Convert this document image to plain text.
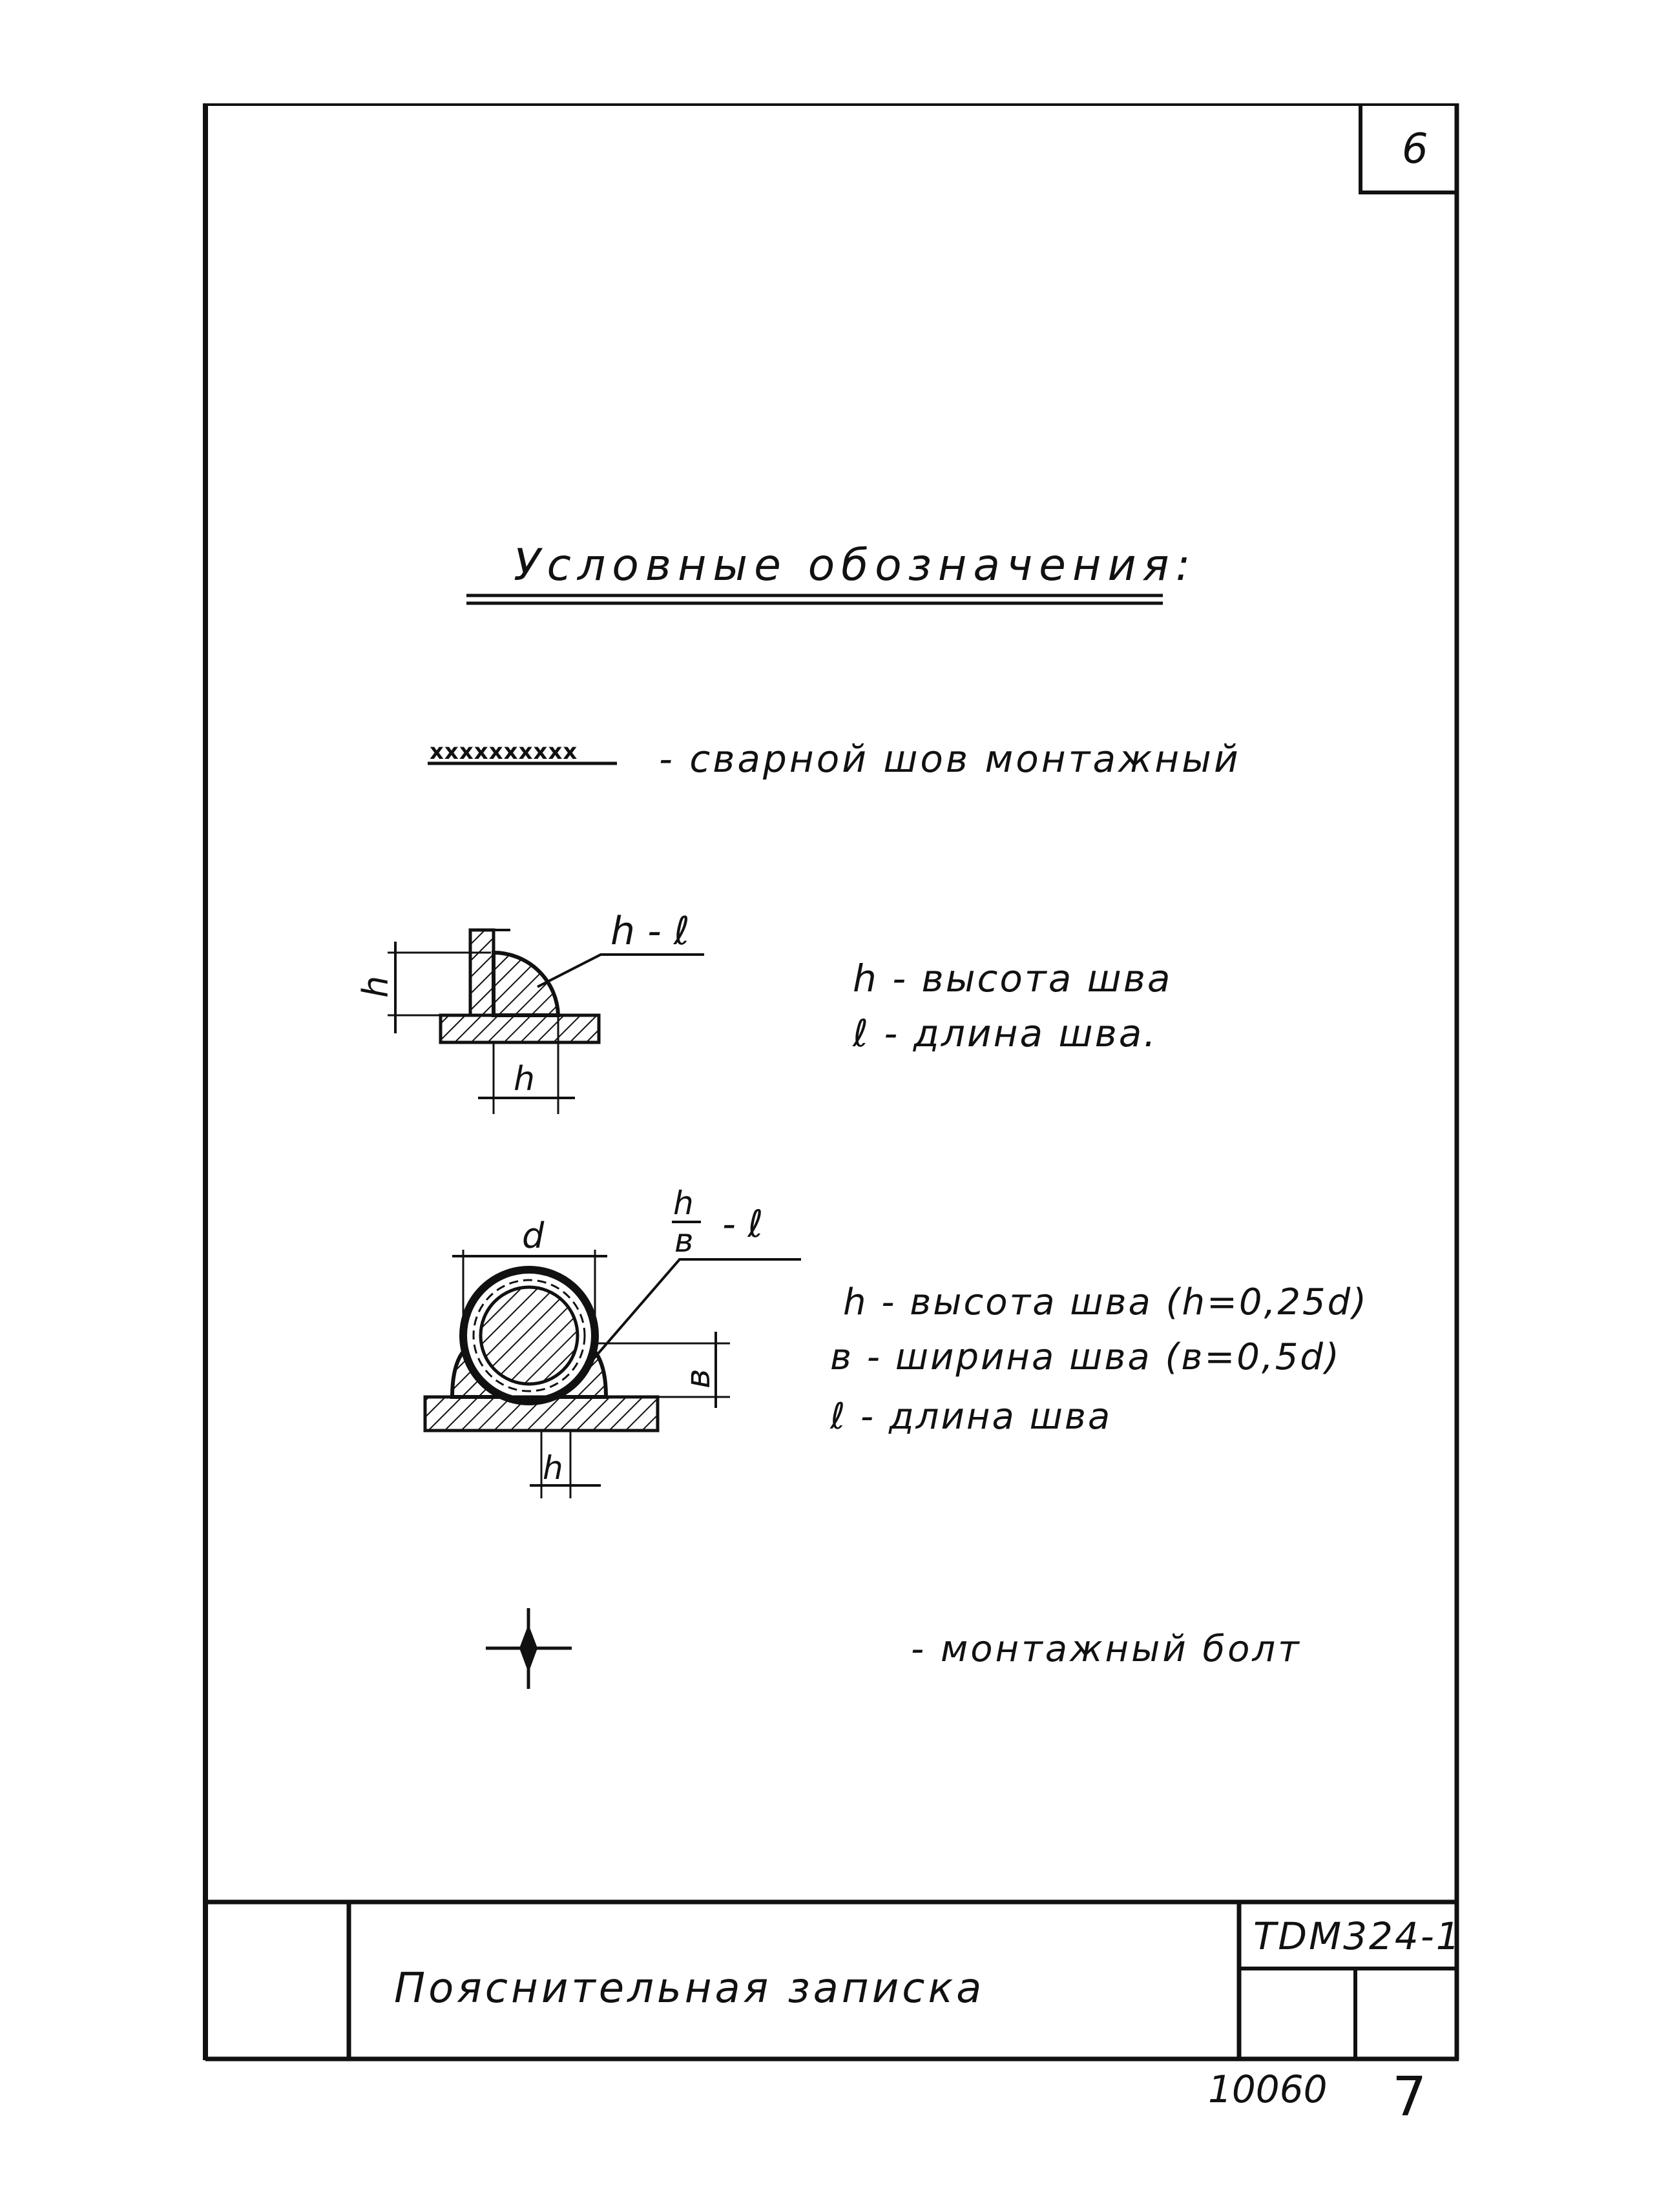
6
Условные обозначения:
xxxxxxxxxx - сварной шов монтажный
h - ℓ
h
h
h - высота шва
ℓ - длина шва.
d
в
h
h
в - ℓ
h - высота шва (h=0,25d)
в - ширина шва (в=0,5d)
ℓ - длина шва
- монтажный болт
Пояснительная записка
TDM324-1
10060 7
